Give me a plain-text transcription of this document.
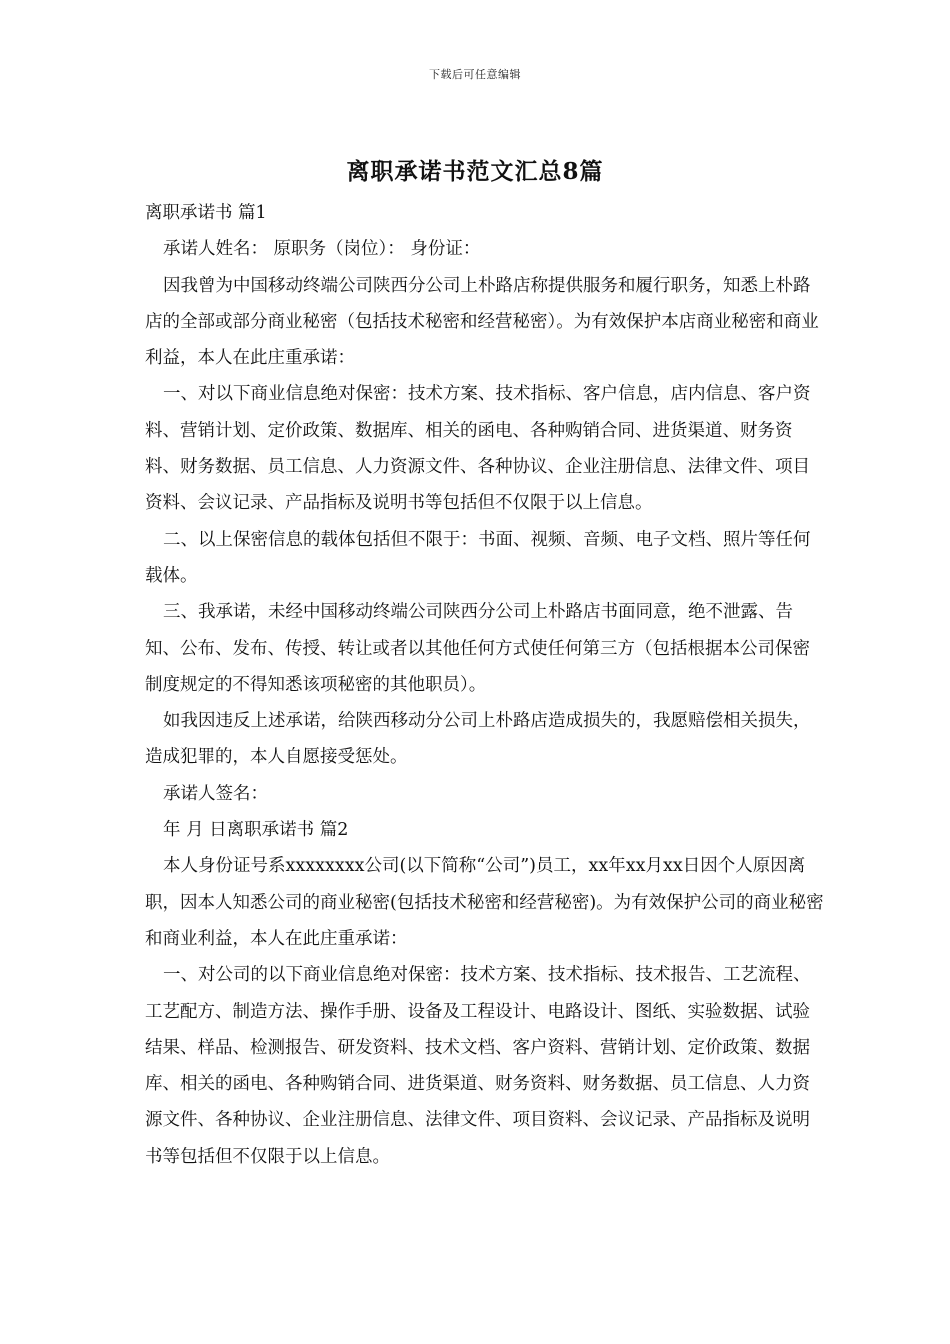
下载后可任意编辑
离职承诺书范文汇总8篇

离职承诺书 篇1

承诺人姓名： 原职务（岗位）： 身份证：

因我曾为中国移动终端公司陕西分公司上朴路店称提供服务和履行职务，知悉上朴路店的全部或部分商业秘密（包括技术秘密和经营秘密）。为有效保护本店商业秘密和商业利益，本人在此庄重承诺：

一、对以下商业信息绝对保密：技术方案、技术指标、客户信息，店内信息、客户资料、营销计划、定价政策、数据库、相关的函电、各种购销合同、进货渠道、财务资料、财务数据、员工信息、人力资源文件、各种协议、企业注册信息、法律文件、项目资料、会议记录、产品指标及说明书等包括但不仅限于以上信息。

二、以上保密信息的载体包括但不限于：书面、视频、音频、电子文档、照片等任何载体。

三、我承诺，未经中国移动终端公司陕西分公司上朴路店书面同意，绝不泄露、告知、公布、发布、传授、转让或者以其他任何方式使任何第三方（包括根据本公司保密制度规定的不得知悉该项秘密的其他职员）。

如我因违反上述承诺，给陕西移动分公司上朴路店造成损失的，我愿赔偿相关损失，造成犯罪的，本人自愿接受惩处。

承诺人签名：

年 月 日离职承诺书 篇2

本人身份证号系xxxxxxxx公司(以下简称“公司”)员工，xx年xx月xx日因个人原因离职，因本人知悉公司的商业秘密(包括技术秘密和经营秘密)。为有效保护公司的商业秘密和商业利益，本人在此庄重承诺：

一、对公司的以下商业信息绝对保密：技术方案、技术指标、技术报告、工艺流程、工艺配方、制造方法、操作手册、设备及工程设计、电路设计、图纸、实验数据、试验结果、样品、检测报告、研发资料、技术文档、客户资料、营销计划、定价政策、数据库、相关的函电、各种购销合同、进货渠道、财务资料、财务数据、员工信息、人力资源文件、各种协议、企业注册信息、法律文件、项目资料、会议记录、产品指标及说明书等包括但不仅限于以上信息。
